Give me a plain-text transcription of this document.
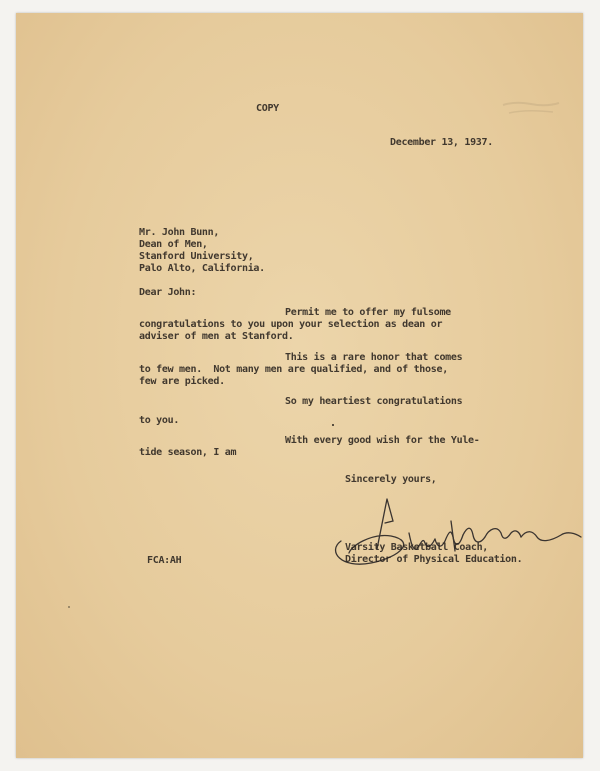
COPY
December 13, 1937.
Mr. John Bunn,
Dean of Men,
Stanford University,
Palo Alto, California.
Dear John:
Permit me to offer my fulsome
congratulations to you upon your selection as dean or
adviser of men at Stanford.
This is a rare honor that comes
to few men.  Not many men are qualified, and of those,
few are picked.
So my heartiest congratulations
to you.
With every good wish for the Yule-
tide season, I am
Sincerely yours,
Varsity Basketball Coach,
Director of Physical Education.
FCA:AH
